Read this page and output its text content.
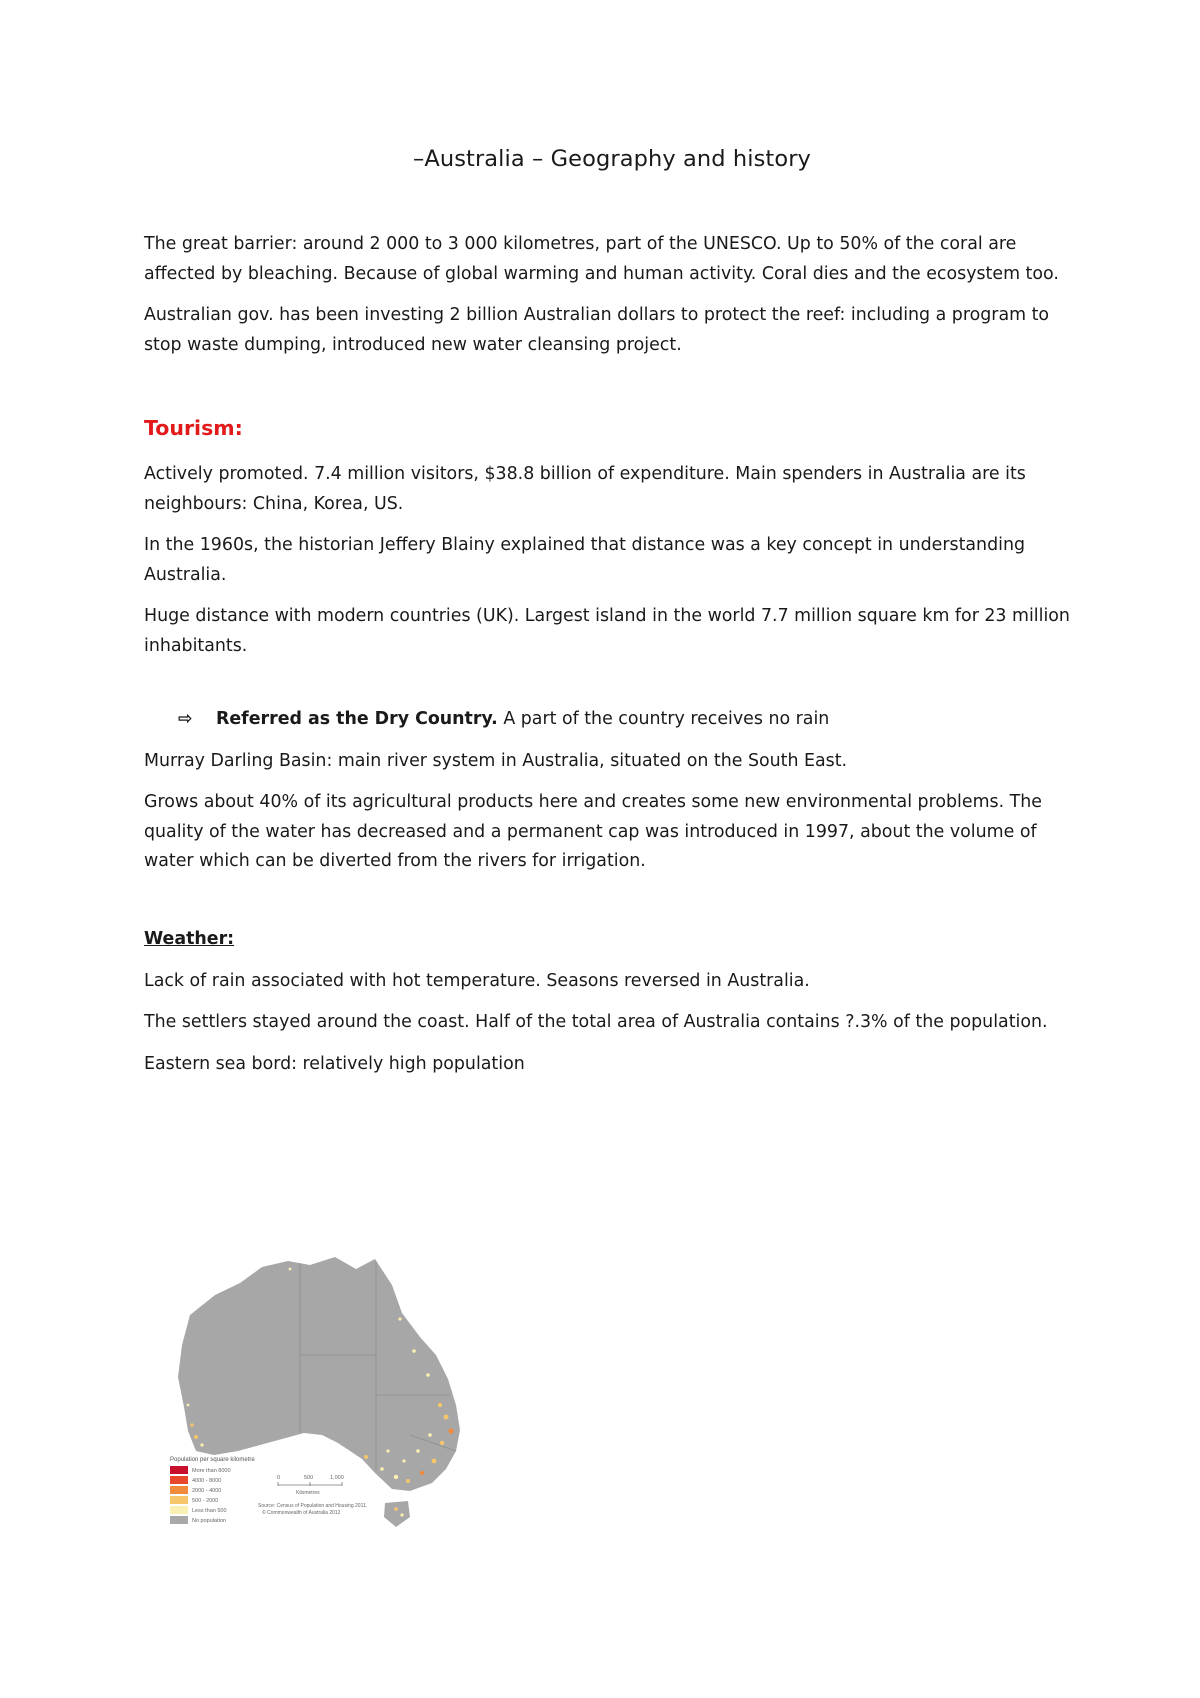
–Australia – Geography and history

The great barrier: around 2 000 to 3 000 kilometres, part of the UNESCO. Up to 50% of the coral are affected by bleaching. Because of global warming and human activity. Coral dies and the ecosystem too.

Australian gov. has been investing 2 billion Australian dollars to protect the reef: including a program to stop waste dumping, introduced new water cleansing project.

Tourism:

Actively promoted. 7.4 million visitors, $38.8 billion of expenditure. Main spenders in Australia are its neighbours: China, Korea, US.

In the 1960s, the historian Jeffery Blainy explained that distance was a key concept in understanding Australia.

Huge distance with modern countries (UK). Largest island in the world 7.7 million square km for 23 million inhabitants.

⇨ Referred as the Dry Country. A part of the country receives no rain

Murray Darling Basin: main river system in Australia, situated on the South East.

Grows about 40% of its agricultural products here and creates some new environmental problems. The quality of the water has decreased and a permanent cap was introduced in 1997, about the volume of water which can be diverted from the rivers for irrigation.

Weather:

Lack of rain associated with hot temperature. Seasons reversed in Australia.

The settlers stayed around the coast. Half of the total area of Australia contains ?.3% of the population.

Eastern sea bord: relatively high population

Population per square kilometre
More than 8000
4000 - 8000
2000 - 4000
500 - 2000
Less than 500
No population
0	500	1,000
Kilometres
Source: Census of Population and Housing 2011,
© Commonwealth of Australia 2012
